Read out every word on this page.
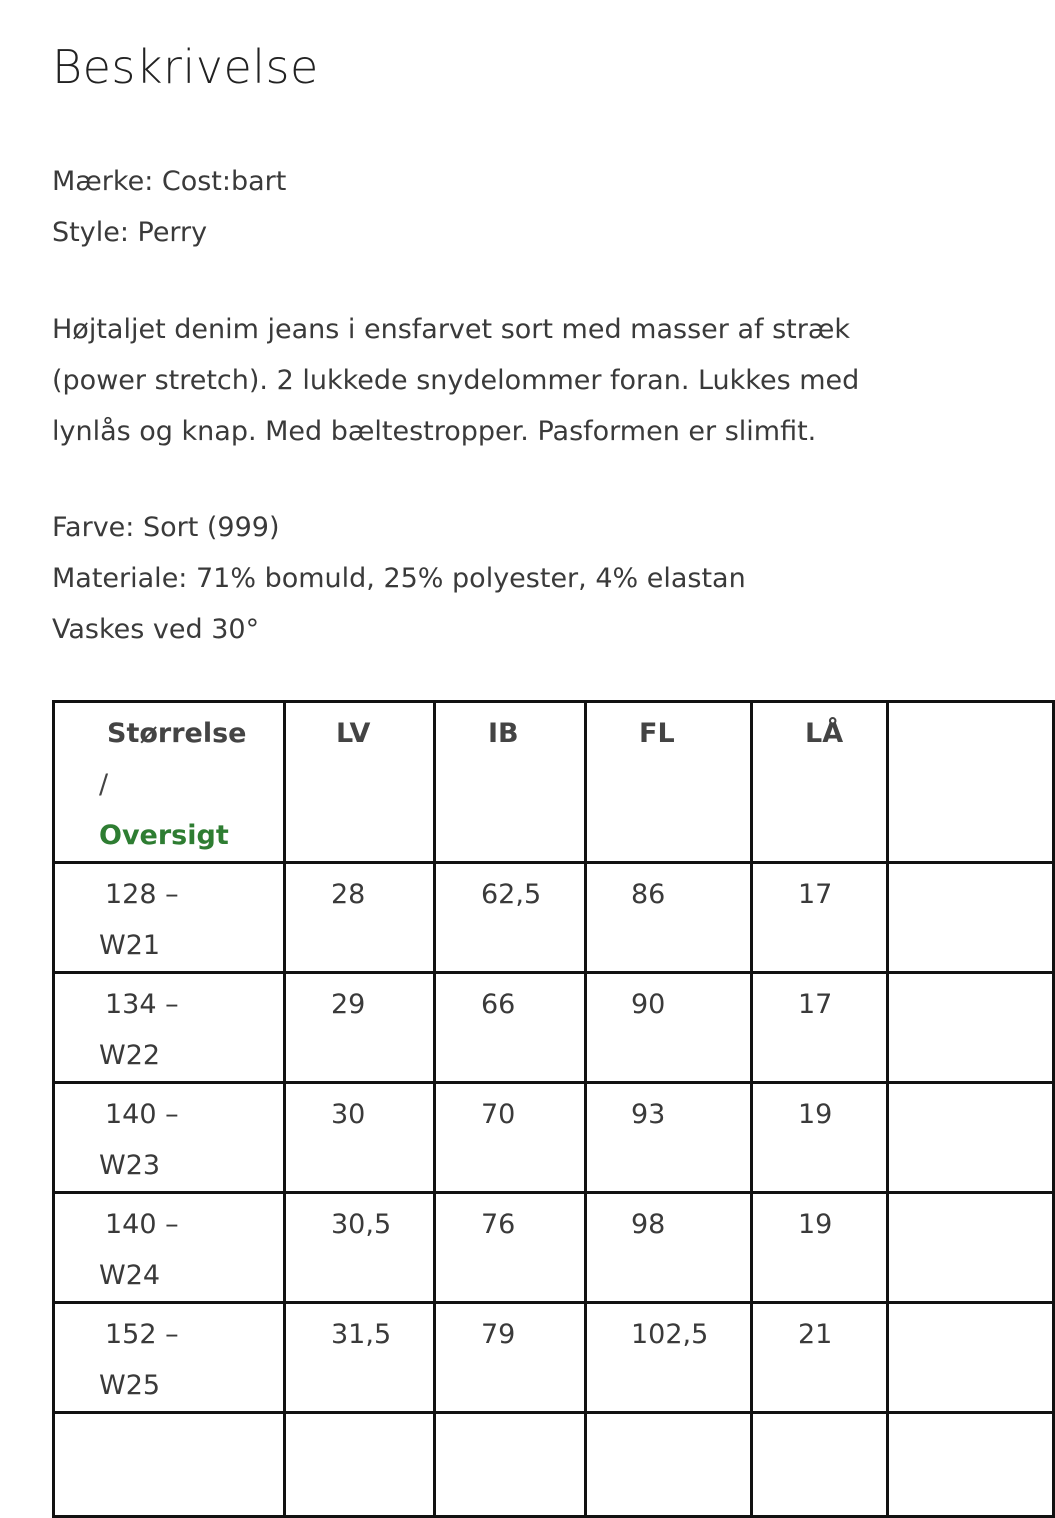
Beskrivelse
Mærke: Cost:bart
Style: Perry
Højtaljet denim jeans i ensfarvet sort med masser af stræk
(power stretch). 2 lukkede snydelommer foran. Lukkes med
lynlås og knap. Med bæltestropper. Pasformen er slimfit.
Farve: Sort (999)
Materiale: 71% bomuld, 25% polyester, 4% elastan
Vaskes ved 30°
Størrelse
/
Oversigt	LV	IB	FL	LÅ	

128 –
W21	28	62,5	86	17	

134 –
W22	29	66	90	17	

140 –
W23	30	70	93	19	

140 –
W24	30,5	76	98	19	

152 –
W25	31,5	79	102,5	21	
